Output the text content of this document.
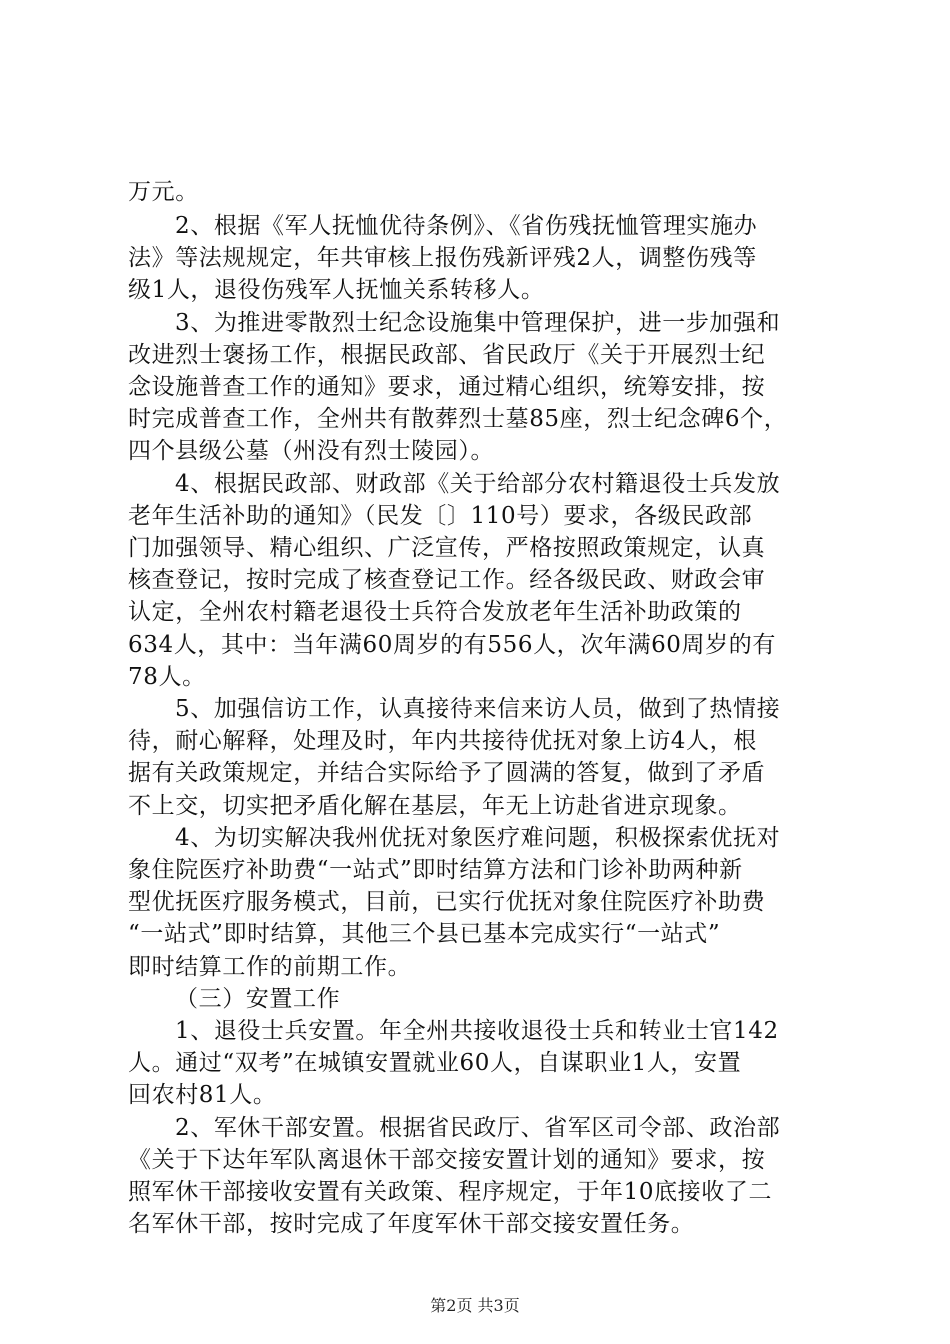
万元。
2、根据《军人抚恤优待条例》、《省伤残抚恤管理实施办
法》等法规规定，年共审核上报伤残新评残2人，调整伤残等
级1人，退役伤残军人抚恤关系转移人。
3、为推进零散烈士纪念设施集中管理保护，进一步加强和
改进烈士褒扬工作，根据民政部、省民政厅《关于开展烈士纪
念设施普查工作的通知》要求，通过精心组织，统筹安排，按
时完成普查工作，全州共有散葬烈士墓85座，烈士纪念碑6个，
四个县级公墓（州没有烈士陵园）。
4、根据民政部、财政部《关于给部分农村籍退役士兵发放
老年生活补助的通知》（民发〔〕110号）要求，各级民政部
门加强领导、精心组织、广泛宣传，严格按照政策规定，认真
核查登记，按时完成了核查登记工作。经各级民政、财政会审
认定，全州农村籍老退役士兵符合发放老年生活补助政策的
634人，其中：当年满60周岁的有556人，次年满60周岁的有
78人。
5、加强信访工作，认真接待来信来访人员，做到了热情接
待，耐心解释，处理及时，年内共接待优抚对象上访4人，根
据有关政策规定，并结合实际给予了圆满的答复，做到了矛盾
不上交，切实把矛盾化解在基层，年无上访赴省进京现象。
4、为切实解决我州优抚对象医疗难问题，积极探索优抚对
象住院医疗补助费“一站式”即时结算方法和门诊补助两种新
型优抚医疗服务模式，目前，已实行优抚对象住院医疗补助费
“一站式”即时结算，其他三个县已基本完成实行“一站式”
即时结算工作的前期工作。
（三）安置工作
1、退役士兵安置。年全州共接收退役士兵和转业士官142
人。通过“双考”在城镇安置就业60人，自谋职业1人，安置
回农村81人。
2、军休干部安置。根据省民政厅、省军区司令部、政治部
《关于下达年军队离退休干部交接安置计划的通知》要求，按
照军休干部接收安置有关政策、程序规定，于年10底接收了二
名军休干部，按时完成了年度军休干部交接安置任务。
第2页 共3页
